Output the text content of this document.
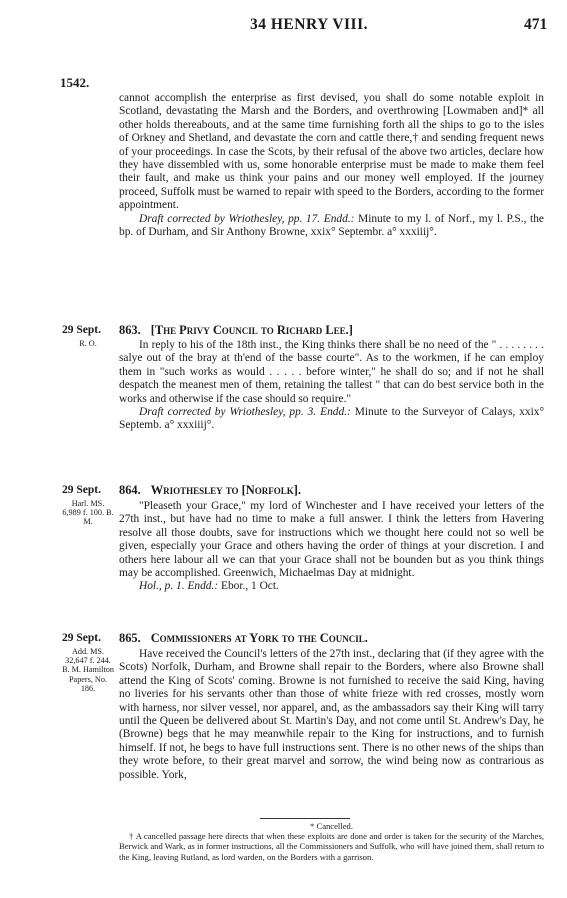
34 HENRY VIII.	471
1542.

cannot accomplish the enterprise as first devised, you shall do some notable exploit in Scotland, devastating the Marsh and the Borders, and overthrowing [Lowmaben and]* all other holds thereabouts, and at the same time furnishing forth all the ships to go to the isles of Orkney and Shetland, and devastate the corn and cattle there,† and sending frequent news of your proceedings. In case the Scots, by their refusal of the above two articles, declare how they have dissembled with us, some honorable enterprise must be made to make them feel their fault, and make us think your pains and our money well employed. If the journey proceed, Suffolk must be warned to repair with speed to the Borders, according to the former appointment.

Draft corrected by Wriothesley, pp. 17. Endd.: Minute to my l. of Norf., my l. P.S., the bp. of Durham, and Sir Anthony Browne, xxix° Septembr. a° xxxiiij°.

29 Sept.
R. O.
863. [The Privy Council to Richard Lee.]

In reply to his of the 18th inst., the King thinks there shall be no need of the " . . . . . . . . salye out of the bray at th'end of the basse courte". As to the workmen, if he can employ them in "such works as would . . . . . before winter," he shall do so; and if not he shall despatch the meanest men of them, retaining the tallest " that can do best service both in the works and otherwise if the case should so require."

Draft corrected by Wriothesley, pp. 3. Endd.: Minute to the Surveyor of Calays, xxix° Septemb. a° xxxiiij°.

29 Sept.
Harl. MS. 6,989 f. 100. B. M.
864. Wriothesley to [Norfolk].

"Pleaseth your Grace," my lord of Winchester and I have received your letters of the 27th inst., but have had no time to make a full answer. I think the letters from Havering resolve all those doubts, save for instructions which we thought here could not so well be given, especially your Grace and others having the order of things at your discretion. I and others here labour all we can that your Grace shall not be bounden but as you think things may be accomplished. Greenwich, Michaelmas Day at midnight.

Hol., p. 1. Endd.: Ebor., 1 Oct.

29 Sept.
Add. MS. 32,647 f. 244. B. M. Hamilton Papers, No. 186.
865. Commissioners at York to the Council.

Have received the Council's letters of the 27th inst., declaring that (if they agree with the Scots) Norfolk, Durham, and Browne shall repair to the Borders, where also Browne shall attend the King of Scots' coming. Browne is not furnished to receive the said King, having no liveries for his servants other than those of white frieze with red crosses, mostly worn with harness, nor silver vessel, nor apparel, and, as the ambassadors say their King will tarry until the Queen be delivered about St. Martin's Day, and not come until St. Andrew's Day, he (Browne) begs that he may meanwhile repair to the King for instructions, and to furnish himself. If not, he begs to have full instructions sent. There is no other news of the ships than they wrote before, to their great marvel and sorrow, the wind being now as contrarious as possible. York,

* Cancelled.

† A cancelled passage here directs that when these exploits are done and order is taken for the security of the Marches, Berwick and Wark, as in former instructions, all the Commissioners and Suffolk, who will have joined them, shall return to the King, leaving Rutland, as lord warden, on the Borders with a garrison.
